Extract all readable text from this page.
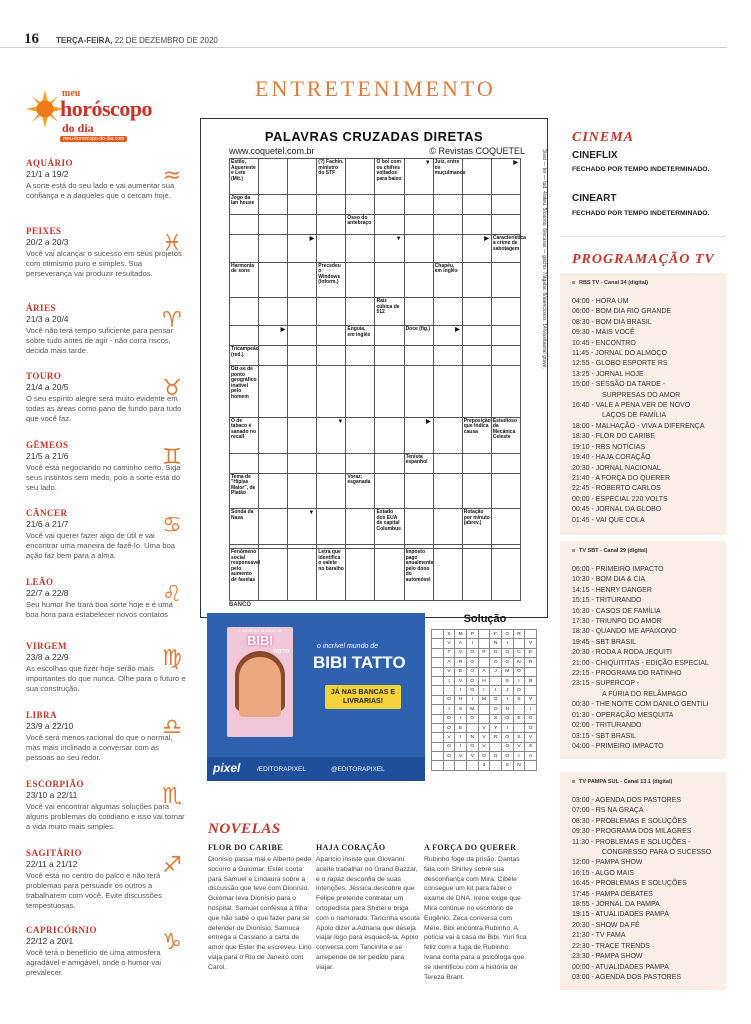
16 TERÇA-FEIRA, 22 DE DEZEMBRO DE 2020
ENTRETENIMENTO
meu
horóscopo
do dia
meu-horoscopo-do-dia.com
AQUÁRIO
21/1 a 19/2
A sorte está do seu lado e vai aumentar sua confiança e a daqueles que o cercam hoje.
≈
PEIXES
20/2 a 20/3
Você vai alcançar o sucesso em seus projetos com otimismo puro e simples. Sua perseverança vai produzir resultados.
♓
ÁRIES
21/3 a 20/4
Você não terá tempo suficiente para pensar sobre tudo antes de agir - não corra riscos, decida mais tarde.
♈
TOURO
21/4 a 20/5
O seu espírito alegre será muito evidente em todas as áreas como pano de fundo para tudo que você faz.
♉
GÊMEOS
21/5 a 21/6
Você está negociando no caminho certo. Siga seus instintos sem medo, pois a sorte está do seu lado.
♊
CÂNCER
21/6 a 21/7
Você vai querer fazer algo de útil e vai encontrar uma maneira de fazê-lo. Uma boa ação faz bem para a alma.
♋
LEÃO
22/7 a 22/8
Seu humor lhe trará boa sorte hoje e é uma boa hora para estabelecer novos contatos
♌
VIRGEM
23/8 a 22/9
As escolhas que fizer hoje serão mais importantes do que nunca. Olhe para o futuro e sua construção.
♍
LIBRA
23/9 a 22/10
Você será menos racional do que o normal, mas mais inclinado a conversar com as pessoas ao seu redor.
♎
ESCORPIÃO
23/10 a 22/11
Você vai encontrar algumas soluções para alguns problemas do cotidiano e isso vai tornar a vida muito mais simples.
♏
SAGITÁRIO
22/11 a 21/12
Você está no centro do palco e não terá problemas para persuadir os outros a trabalharem com você. Evite discussões tempestuosas.
♐
CAPRICÓRNIO
22/12 a 20/1
Você terá o benefício de uma atmosfera agradável e amigável, onde o humor vai prevalecer.
♑
PALAVRAS CRUZADAS DIRETAS
www.coquetel.com.br	© Revistas COQUETEL
Estilo, Aquerente e Lete (Mit.)			(?) Fachin, ministro do STF		O boi com os chifres voltados para baixo	▼	Juiz, entre os muçulmanos		▶

Jogo da lan house									
				Osso do antebraço					

		▶			▼			▶	Característica a crime de sabotagem
Harmonia de sons			Precedeu o Windows (Inform.)				Chapéu, em inglês		
					Raiz cúbica de 512				

	▶			Enguia, em inglês		Doce (fig.)	▶		

Tricampeão (red.)									
Diz-se de ponto geográfico inatível pelo homem									
O de tabaco é sanado no recall			▼			▶		Preposição que indica causa	Estudioso da Mecânica Celeste
						Tenista espanhol			
Tema de "Hipias Maior", de Platão				Voraz; esganada					
Sonda da Nasa		▼			Estado dos EUA de capital Columbus			Rotação por minuto (abrev.)	

Fenômeno social responsável pelo aumento de favelas			Letra que identifica o valete no baralho			Imposto pago anualmente pelo dono do automóvel			
BANCO
3/ast — ter — tud. 4/ateu. 5/caono. 6/ecaras — gacho. 7/agaba. 8/atenciosos. 14/vissitaanal grave.
o INCRÍVEL MUNDO de
BIBI
TATTO
o incrível mundo de
BIBI TATTO
JÁ NAS BANCAS E LIVRARIAS!
pixel	/EDITORAPIXEL	@EDITORAPIXEL
Solução
	S	M	P		F	G	R	
	V	A	I		N	I		V
	T	V	O	R	G	O	C	E
	A	R	O		O	G	N	R
	V	D	O	A	J	M	O	
	I	V	O	H		S	I	B
		I	O	I	I	J	O	
	O	H	I	M	O	I	S	V
	I	S	M		O	N		I
	O	I	O		S	O	E	O
	O	E		V	Y	I		O
	V	I	N	V	R	O	S	V
	O	I	O	V		O	V	S
	O	V	V	O	O	O	I	A
				3		S	N	
NOVELAS
FLOR DO CARIBE
Dionísio passa mal e Alberto pede socorro a Guiomar. Ester conta para Samuel e Lindaura sobre a discussão que teve com Dionísio. Guiomar leva Dionísio para o hospital. Samuel confessa à filha que não sabe o que fazer para se defender de Dionísio. Samuca entrega a Cassiano a carta de amor que Ester lhe escreveu. Lino viaja para o Rio de Janeiro com Carol.
HAJA CORAÇÃO
Aparício insiste que Giovanni aceite trabalhar no Grand Bazzar, e o rapaz desconfia de suas intenções. Jéssica descobre que Felipe pretende contratar um ortopedista para Shirlei e briga com o namorado. Tancinha escuta Apolo dizer a Adriana que deseja viajar logo para esquecê-la. Apolo conversa com Tancinha e se arrepende de ter pedido para viajar.
A FORÇA DO QUERER
Rubinho foge da prisão. Dantas fala com Shirley sobre sua desconfiança com Mira. Cibele consegue um kit para fazer o exame de DNA. Irene exige que Mira continue no escritório de Eugênio. Zeca conversa com Mere. Bibi encontra Rubinho. A polícia vai à casa de Bibi. Yuri fica feliz com a fuga de Rubinho. Ivana conta para a psicóloga que se identificou com a história de Tereza Brant.
CINEMA
CINEFLIX
FECHADO POR TEMPO INDETERMINADO.
CINEART
FECHADO POR TEMPO INDETERMINADO.
PROGRAMAÇÃO TV
RBS TV - Canal 34 (digital)
04:00 - HORA UM
06:00 - BOM DIA RIO GRANDE
08:30 - BOM DIA BRASIL
09:30 - MAIS VOCÊ
10:45 - ENCONTRO
11:45 - JORNAL DO ALMOÇO
12:55 - GLOBO ESPORTE RS
13:25 - JORNAL HOJE
15:00 - SESSÃO DA TARDE -
SURPRESAS DO AMOR
16:40 - VALE A PENA VER DE NOVO
LAÇOS DE FAMÍLIA
18:00 - MALHAÇÃO - VIVA A DIFERENÇA
18:30 - FLOR DO CARIBE
19:10 - RBS NOTÍCIAS
19:40 - HAJA CORAÇÃO
20:30 - JORNAL NACIONAL
21:40 - A FORÇA DO QUERER
22:45 - ROBERTO CARLOS
00:00 - ESPECIAL 220 VOLTS
00:45 - JORNAL DA GLOBO
01:45 - VAI QUE COLA
TV SBT - Canal 29 (digital)
06:00 - PRIMEIRO IMPACTO
10:30 - BOM DIA & CIA
14:15 - HENRY DANGER
15:15 - TRITURANDO
16:30 - CASOS DE FAMÍLIA
17:30 - TRIUNFO DO AMOR
18:30 - QUANDO ME APAIXONO
19:45 - SBT BRASIL
20:30 - RODA A RODA JEQUITI
21:00 - CHIQUITITAS - EDIÇÃO ESPECIAL
22:15 - PROGRAMA DO RATINHO
23:15 - SUPERCOP -
A FÚRIA DO RELÂMPAGO
00:30 - THE NOITE COM DANILO GENTILI
01:30 - OPERAÇÃO MESQUITA
02:00 - TRITURANDO
03:15 - SBT BRASIL
04:00 - PRIMEIRO IMPACTO
TV PAMPA SUL - Canal 13.1 (digital)
03:00 - AGENDA DOS PASTORES
07:00 - RS NA GRAÇA
08:30 - PROBLEMAS E SOLUÇÕES
09:30 - PROGRAMA DOS MILAGRES
11:30 - PROBLEMAS E SOLUÇÕES -
CONGRESSO PARA O SUCESSO
12:00 - PAMPA SHOW
16:15 - ALGO MAIS
16:45 - PROBLEMAS E SOLUÇÕES
17:45 - PAMPA DEBATES
18:55 - JORNAL DA PAMPA
19:15 - ATUALIDADES PAMPA
20:30 - SHOW DA FÉ
21:30 - TV FAMA
22:30 - TRACE TRENDS
23:30 - PAMPA SHOW
00:00 - ATUALIDADES PAMPA
03:00 - AGENDA DOS PASTORES
